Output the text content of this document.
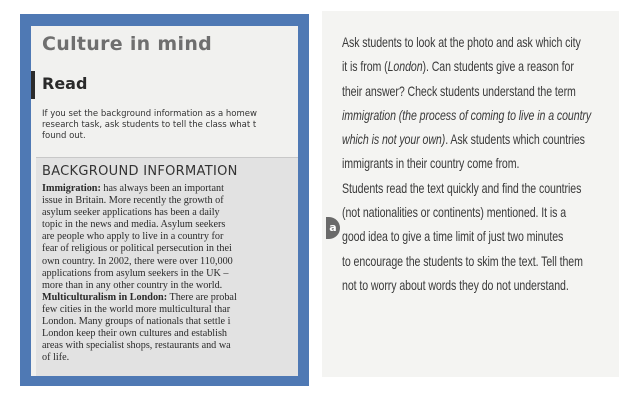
Culture in mind
Read
If you set the background information as a homew
research task, ask students to tell the class what t
found out.
BACKGROUND INFORMATION
Immigration: has always been an important
issue in Britain. More recently the growth of
asylum seeker applications has been a daily
topic in the news and media. Asylum seekers
are people who apply to live in a country for
fear of religious or political persecution in thei
own country. In 2002, there were over 110,000
applications from asylum seekers in the UK –
more than in any other country in the world.
Multiculturalism in London: There are probal
few cities in the world more multicultural thar
London. Many groups of nationals that settle i
London keep their own cultures and establish
areas with specialist shops, restaurants and wa
of life.
Ask students to look at the photo and ask which city
it is from (London). Can students give a reason for
their answer? Check students understand the term
immigration (the process of coming to live in a country
which is not your own). Ask students which countries
immigrants in their country come from.
Students read the text quickly and find the countries
(not nationalities or continents) mentioned. It is a
good idea to give a time limit of just two minutes
to encourage the students to skim the text. Tell them
not to worry about words they do not understand.
a
